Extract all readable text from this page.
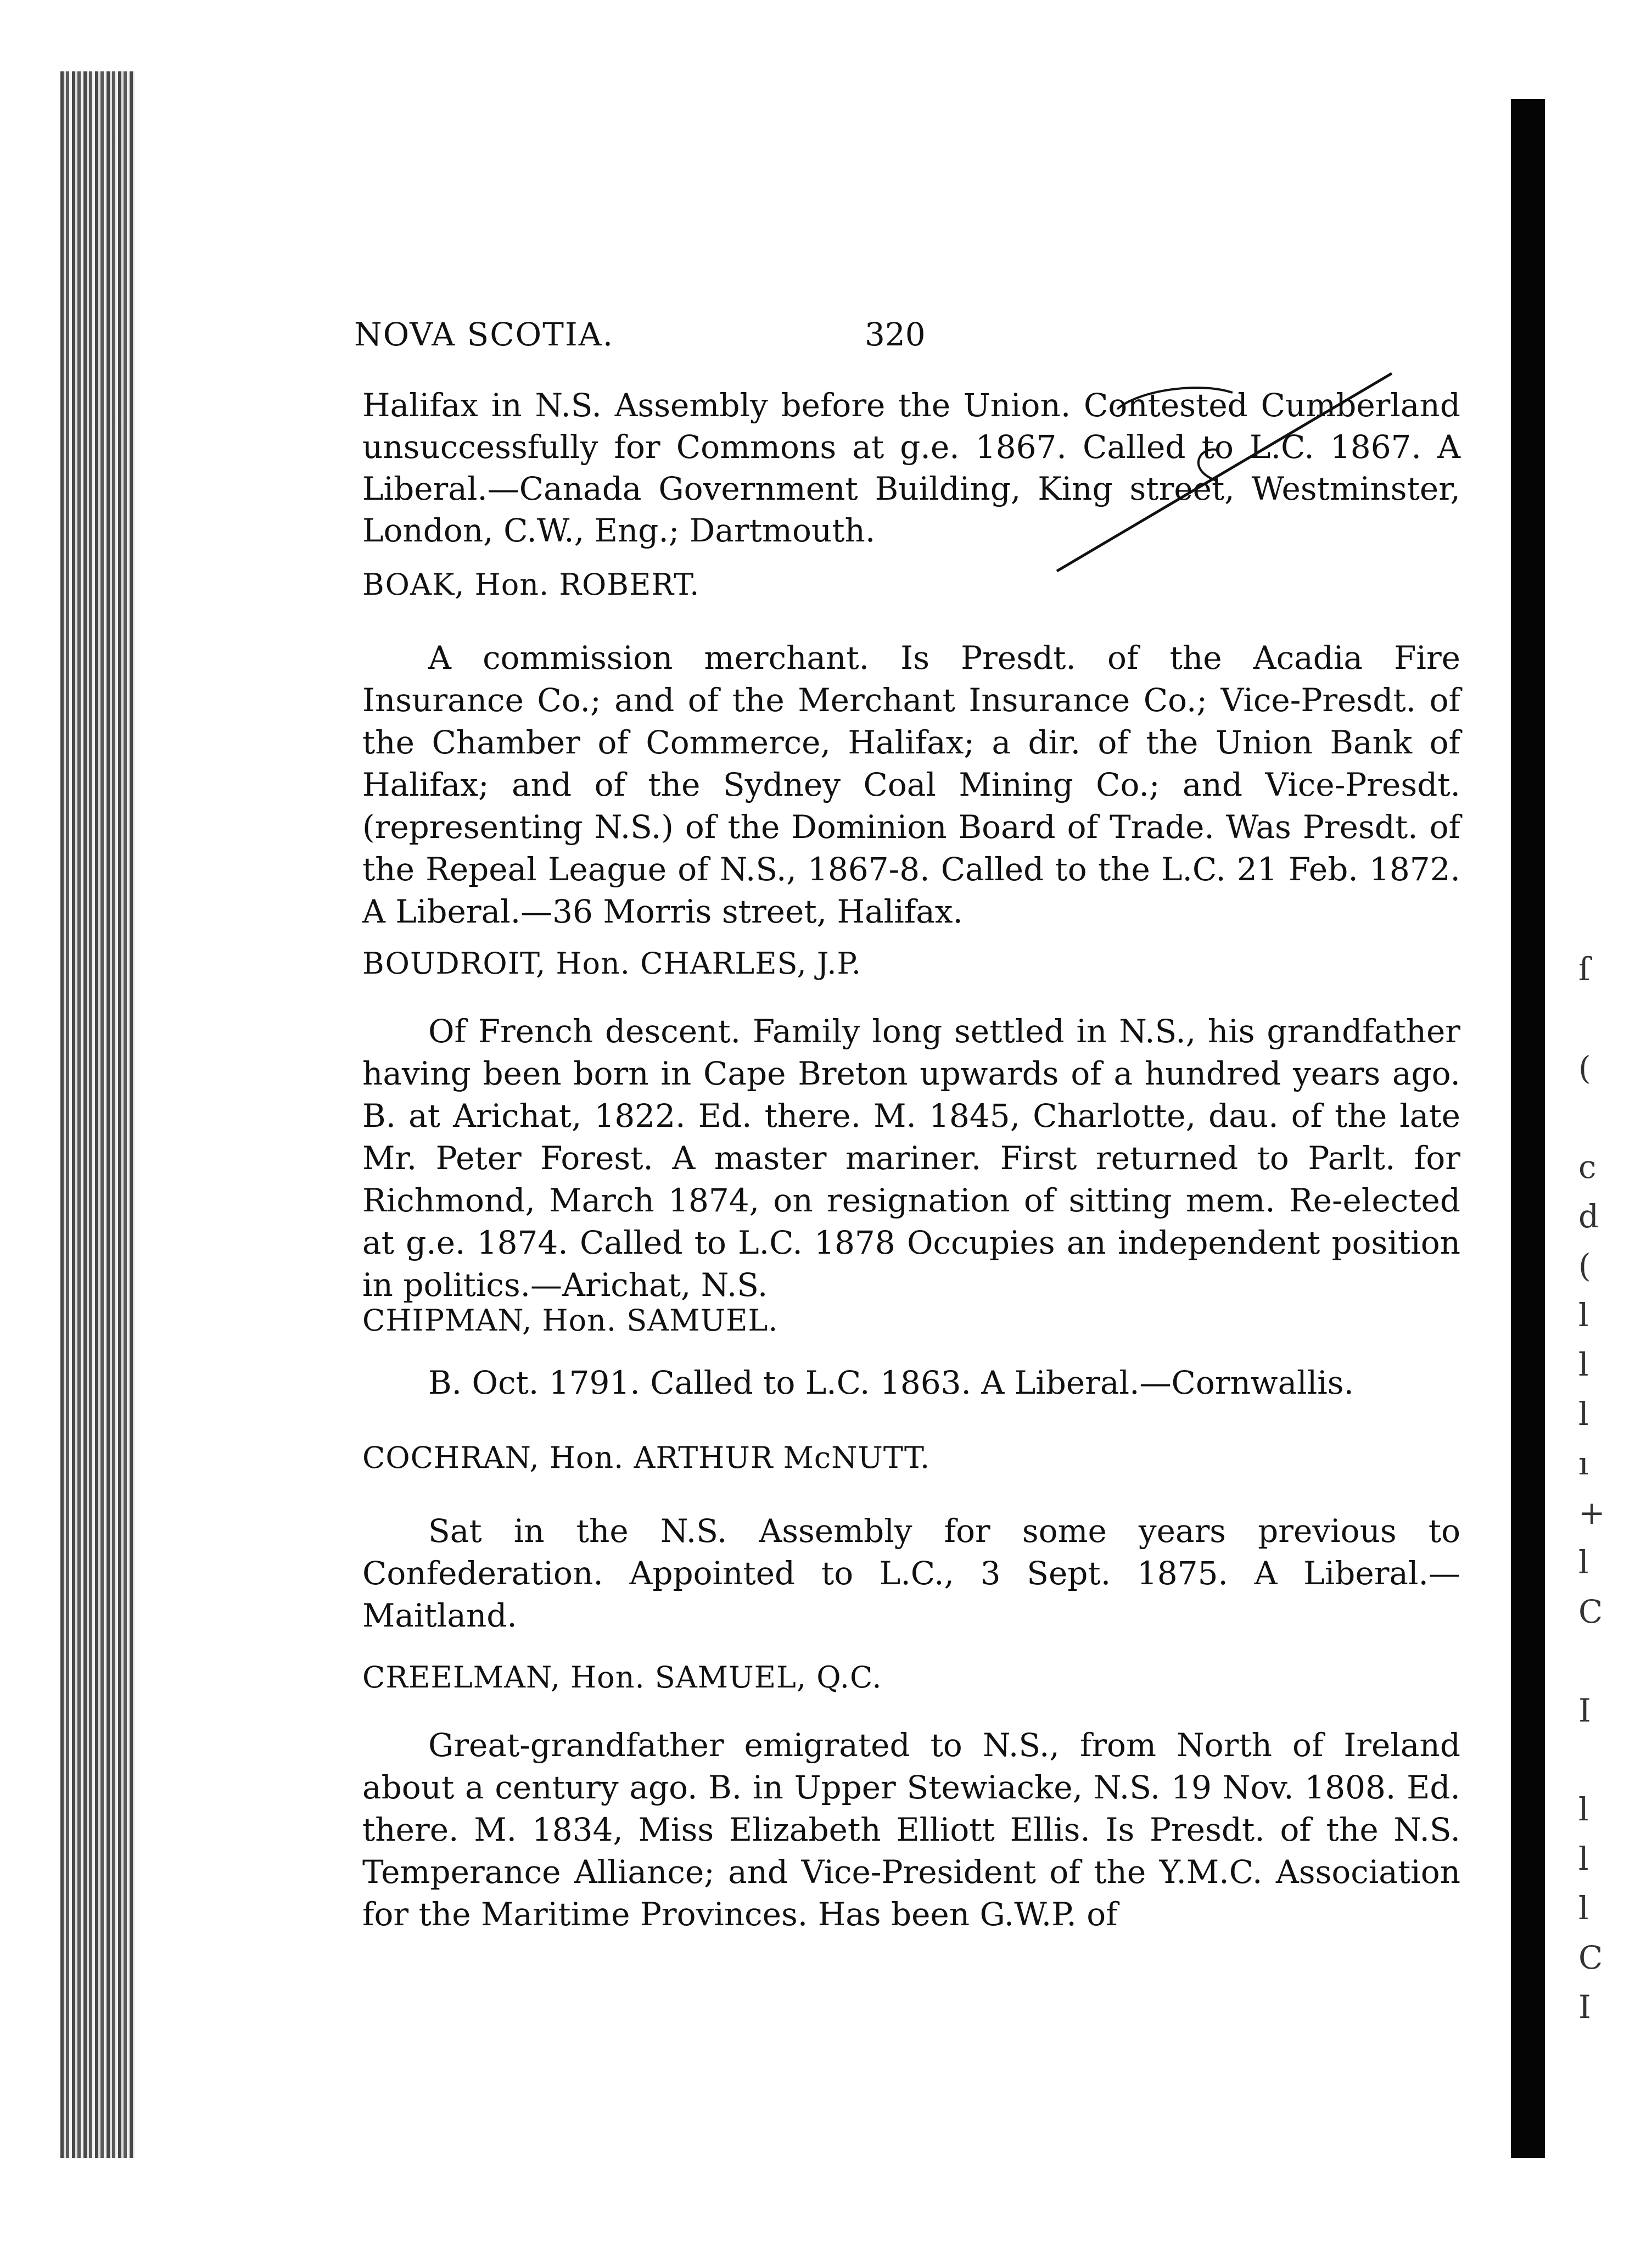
ſ

(

c
d
(
l
l
l
ı
+
l
C

I

l
l
l
C
I
NOVA SCOTIA.	320
Halifax in N.S. Assembly before the Union. Contested Cumberland unsuccessfully for Commons at g.e. 1867. Called to L.C. 1867. A Liberal.—Canada Government Building, King street, Westminster, London, C.W., Eng.; Dartmouth.
BOAK, Hon. ROBERT.
A commission merchant. Is Presdt. of the Acadia Fire Insurance Co.; and of the Merchant Insurance Co.; Vice-Presdt. of the Chamber of Commerce, Halifax; a dir. of the Union Bank of Halifax; and of the Sydney Coal Mining Co.; and Vice-Presdt. (representing N.S.) of the Dominion Board of Trade. Was Presdt. of the Repeal League of N.S., 1867-8. Called to the L.C. 21 Feb. 1872. A Liberal.—36 Morris street, Halifax.
BOUDROIT, Hon. CHARLES, J.P.
Of French descent. Family long settled in N.S., his grandfather having been born in Cape Breton upwards of a hundred years ago. B. at Arichat, 1822. Ed. there. M. 1845, Charlotte, dau. of the late Mr. Peter Forest. A master mariner. First returned to Parlt. for Richmond, March 1874, on resignation of sitting mem. Re-elected at g.e. 1874. Called to L.C. 1878 Occupies an independent position in politics.—Arichat, N.S.
CHIPMAN, Hon. SAMUEL.
B. Oct. 1791. Called to L.C. 1863. A Liberal.—Cornwallis.
COCHRAN, Hon. ARTHUR McNUTT.
Sat in the N.S. Assembly for some years previous to Confederation. Appointed to L.C., 3 Sept. 1875. A Liberal.—Maitland.
CREELMAN, Hon. SAMUEL, Q.C.
Great-grandfather emigrated to N.S., from North of Ireland about a century ago. B. in Upper Stewiacke, N.S. 19 Nov. 1808. Ed. there. M. 1834, Miss Elizabeth Elliott Ellis. Is Presdt. of the N.S. Temperance Alliance; and Vice-President of the Y.M.C. Association for the Maritime Provinces. Has been G.W.P. of
